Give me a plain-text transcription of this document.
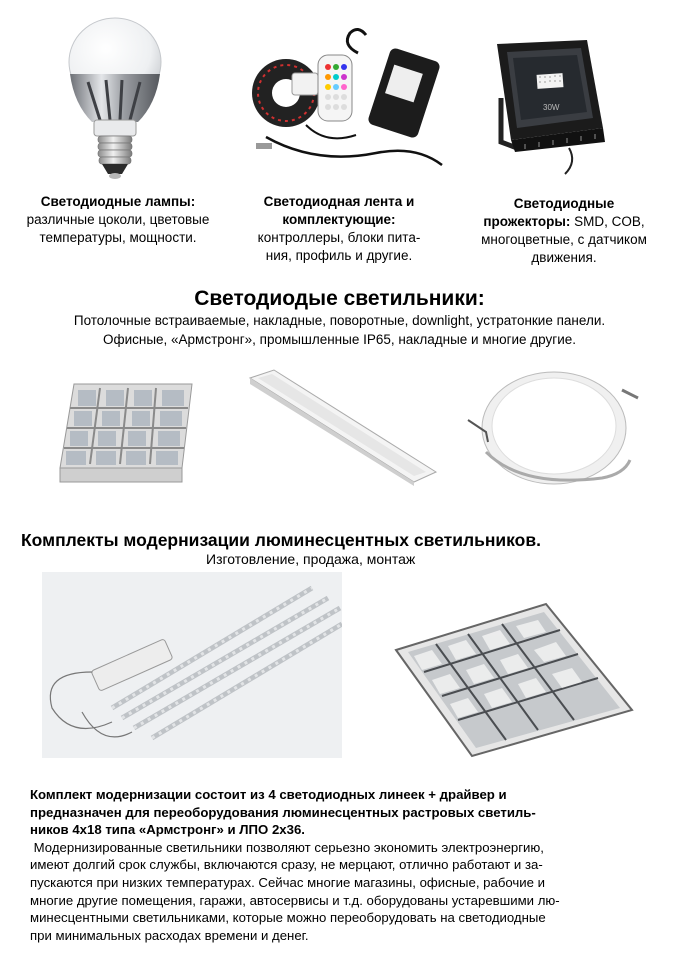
30W
Светодиодные лампы:
различные цоколи, цветовые
температуры, мощности.
Светодиодная лента и
комплектующие:
контроллеры, блоки пита-
ния, профиль и другие.
Светодиодные
прожекторы: SMD, COB,
многоцветные, с датчиком
движения.
Светодиодые светильники:
Потолочные встраиваемые, накладные, поворотные, downlight, устратонкие панели.
Офисные, «Армстронг», промышленные IP65, накладные и многие другие.
Комплекты модернизации люминесцентных светильников.
Изготовление, продажа, монтаж
Комплект модернизации состоит из 4 светодиодных линеек + драйвер и
предназначен для переоборудования люминесцентных растровых светиль-
ников 4х18 типа «Армстронг» и ЛПО 2х36.
Модернизированные светильники позволяют серьезно экономить электроэнергию,
имеют долгий срок службы, включаются сразу, не мерцают, отлично работают и за-
пускаются при низких температурах. Сейчас многие магазины, офисные, рабочие и
многие другие помещения, гаражи, автосервисы и т.д. оборудованы устаревшими лю-
минесцентными светильниками, которые можно переоборудовать на светодиодные
при минимальных расходах времени и денег.
